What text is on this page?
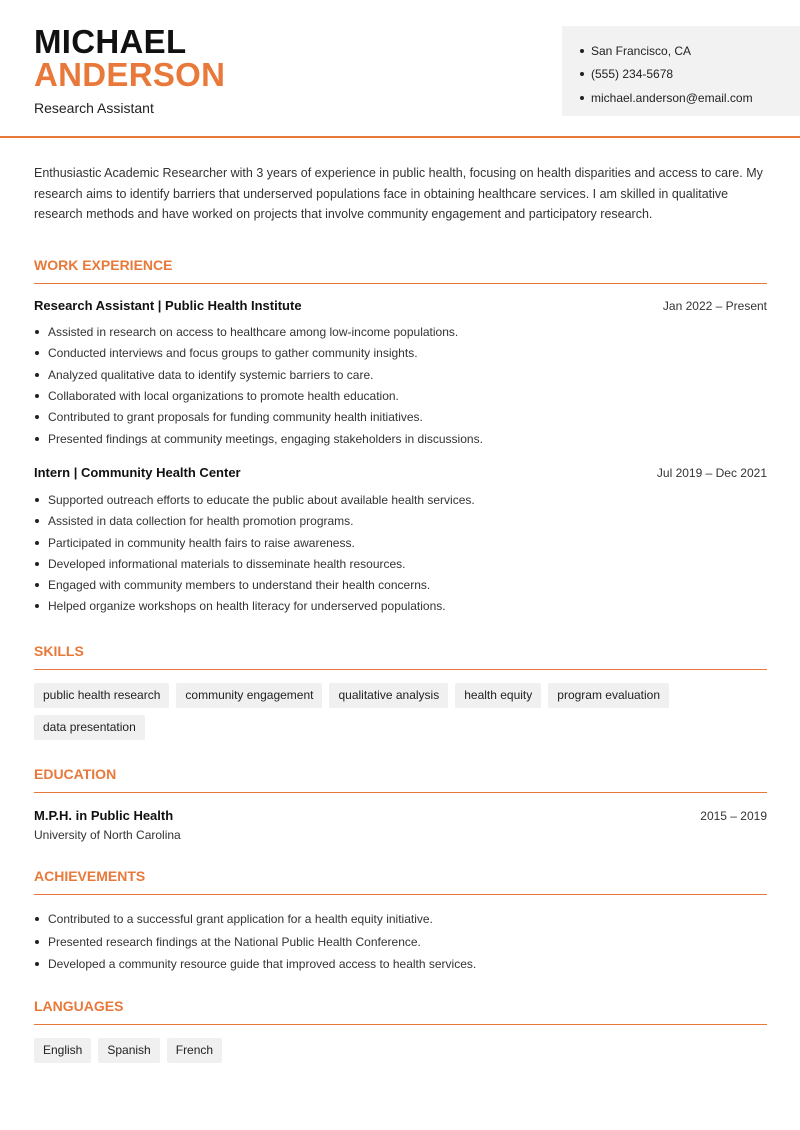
MICHAEL
ANDERSON
Research Assistant
San Francisco, CA
(555) 234-5678
michael.anderson@email.com

Enthusiastic Academic Researcher with 3 years of experience in public health, focusing on health disparities and access to care. My research aims to identify barriers that underserved populations face in obtaining healthcare services. I am skilled in qualitative research methods and have worked on projects that involve community engagement and participatory research.

WORK EXPERIENCE
Research Assistant | Public Health Institute	Jan 2022 – Present
Assisted in research on access to healthcare among low-income populations.
Conducted interviews and focus groups to gather community insights.
Analyzed qualitative data to identify systemic barriers to care.
Collaborated with local organizations to promote health education.
Contributed to grant proposals for funding community health initiatives.
Presented findings at community meetings, engaging stakeholders in discussions.
Intern | Community Health Center	Jul 2019 – Dec 2021
Supported outreach efforts to educate the public about available health services.
Assisted in data collection for health promotion programs.
Participated in community health fairs to raise awareness.
Developed informational materials to disseminate health resources.
Engaged with community members to understand their health concerns.
Helped organize workshops on health literacy for underserved populations.
SKILLS
public health research	community engagement	qualitative analysis	health equity	program evaluation
data presentation
EDUCATION
M.P.H. in Public Health	2015 – 2019
University of North Carolina
ACHIEVEMENTS
Contributed to a successful grant application for a health equity initiative.
Presented research findings at the National Public Health Conference.
Developed a community resource guide that improved access to health services.
LANGUAGES
English	Spanish	French
